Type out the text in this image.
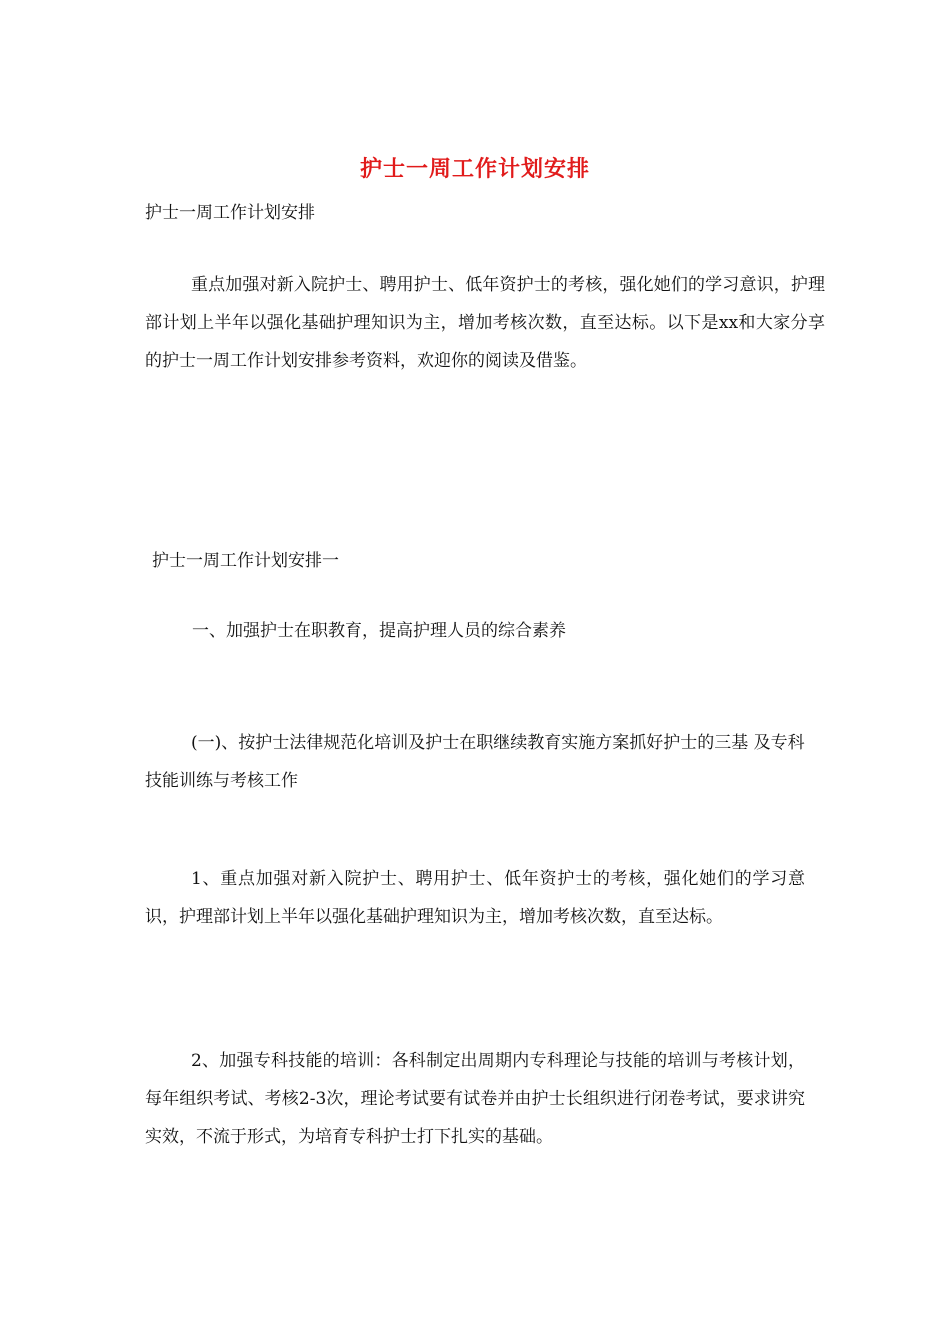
护士一周工作计划安排
护士一周工作计划安排
重点加强对新入院护士、聘用护士、低年资护士的考核，强化她们的学习意识，护理部计划上半年以强化基础护理知识为主，增加考核次数，直至达标。以下是xx和大家分享的护士一周工作计划安排参考资料，欢迎你的阅读及借鉴。
护士一周工作计划安排一
一、加强护士在职教育，提高护理人员的综合素养
(一)、按护士法律规范化培训及护士在职继续教育实施方案抓好护士的三基 及专科技能训练与考核工作
1、重点加强对新入院护士、聘用护士、低年资护士的考核，强化她们的学习意识，护理部计划上半年以强化基础护理知识为主，增加考核次数，直至达标。
2、加强专科技能的培训：各科制定出周期内专科理论与技能的培训与考核计划，每年组织考试、考核2-3次，理论考试要有试卷并由护士长组织进行闭卷考试，要求讲究实效，不流于形式，为培育专科护士打下扎实的基础。
